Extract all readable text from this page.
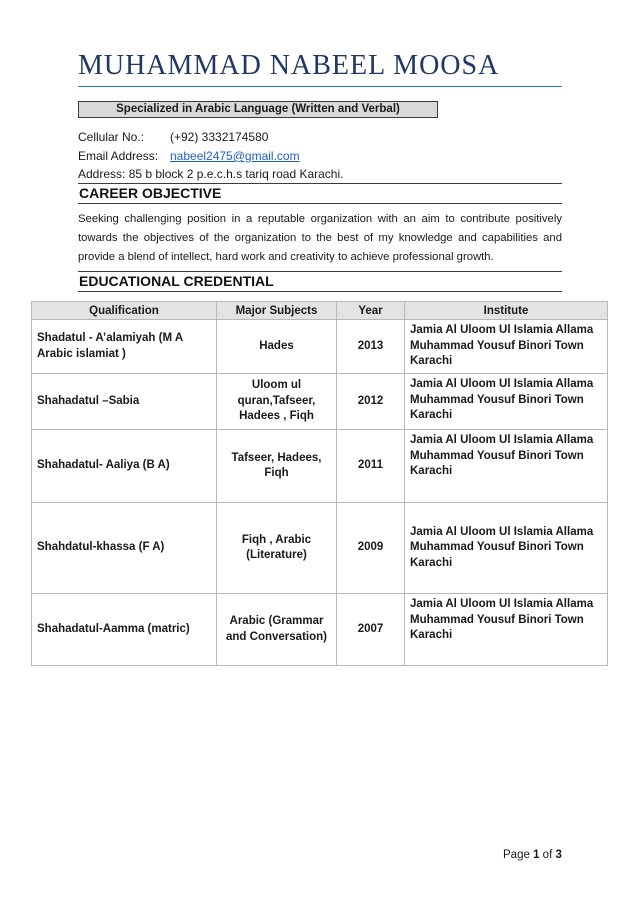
MUHAMMAD NABEEL MOOSA
Specialized in Arabic Language (Written and Verbal)
Cellular No.: (+92) 3332174580
Email Address: nabeel2475@gmail.com
Address: 85 b block 2 p.e.c.h.s tariq road Karachi.
CAREER OBJECTIVE
Seeking challenging position in a reputable organization with an aim to contribute positively towards the objectives of the organization to the best of my knowledge and capabilities and provide a blend of intellect, hard work and creativity to achieve professional growth.
EDUCATIONAL CREDENTIAL
Qualification	Major Subjects	Year	Institute
Shadatul - A’alamiyah (M A Arabic islamiat )	Hades	2013	Jamia Al Uloom Ul Islamia Allama Muhammad Yousuf Binori Town Karachi
Shahadatul –Sabia	Uloom ul quran,Tafseer, Hadees , Fiqh	2012	Jamia Al Uloom Ul Islamia Allama Muhammad Yousuf Binori Town Karachi
Shahadatul- Aaliya (B A)	Tafseer, Hadees, Fiqh	2011	Jamia Al Uloom Ul Islamia Allama Muhammad Yousuf Binori Town Karachi
Shahdatul-khassa (F A)	Fiqh , Arabic (Literature)	2009	Jamia Al Uloom Ul Islamia Allama Muhammad Yousuf Binori Town Karachi
Shahadatul-Aamma (matric)	Arabic (Grammar and Conversation)	2007	Jamia Al Uloom Ul Islamia Allama Muhammad Yousuf Binori Town Karachi
Page 1 of 3
